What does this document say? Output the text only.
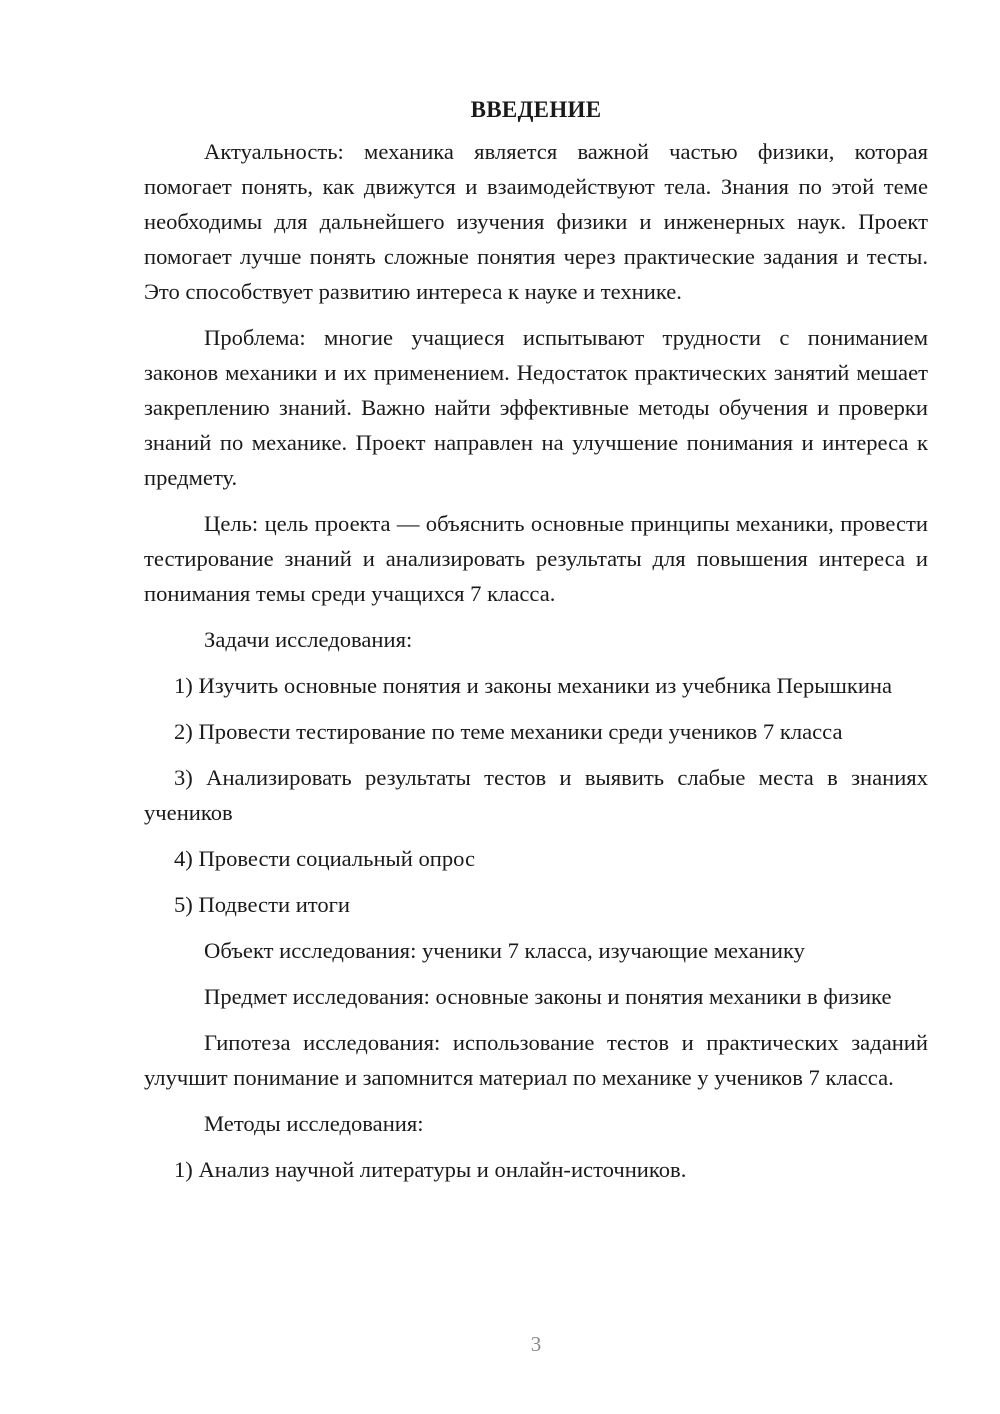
ВВЕДЕНИЕ

Актуальность: механика является важной частью физики, которая помогает понять, как движутся и взаимодействуют тела. Знания по этой теме необходимы для дальнейшего изучения физики и инженерных наук. Проект помогает лучше понять сложные понятия через практические задания и тесты. Это способствует развитию интереса к науке и технике.

Проблема: многие учащиеся испытывают трудности с пониманием законов механики и их применением. Недостаток практических занятий мешает закреплению знаний. Важно найти эффективные методы обучения и проверки знаний по механике. Проект направлен на улучшение понимания и интереса к предмету.

Цель: цель проекта — объяснить основные принципы механики, провести тестирование знаний и анализировать результаты для повышения интереса и понимания темы среди учащихся 7 класса.

Задачи исследования:

1) Изучить основные понятия и законы механики из учебника Перышкина

2) Провести тестирование по теме механики среди учеников 7 класса

3) Анализировать результаты тестов и выявить слабые места в знаниях учеников

4) Провести социальный опрос

5) Подвести итоги

Объект исследования: ученики 7 класса, изучающие механику

Предмет исследования: основные законы и понятия механики в физике

Гипотеза исследования: использование тестов и практических заданий улучшит понимание и запомнится материал по механике у учеников 7 класса.

Методы исследования:

1) Анализ научной литературы и онлайн-источников.

3
